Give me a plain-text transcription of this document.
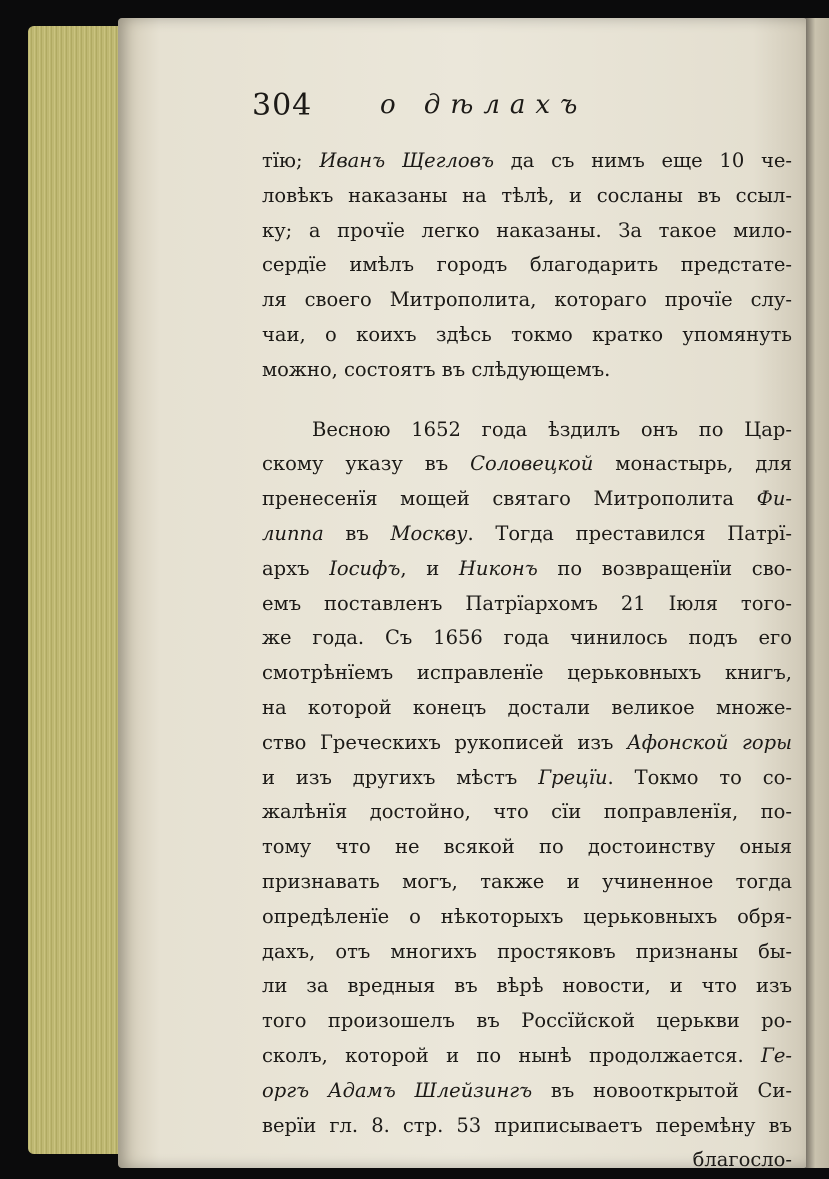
304	о дѣлахъ
тїю; Иванъ Щегловъ да съ нимъ еще 10 че-
ловѣкъ наказаны на тѣлѣ, и сосланы въ ссыл-
ку; а прочїе легко наказаны. За такое мило-
сердїе имѣлъ городъ благодарить предстате-
ля своего Митрополита, котораго прочїе слу-
чаи, о коихъ здѣсь токмо кратко упомянуть
можно, состоятъ въ слѣдующемъ.
Весною 1652 года ѣздилъ онъ по Цар-
скому указу въ Соловецкой монастырь, для
пренесенїя мощей святаго Митрополита Фи-
липпа въ Москву. Тогда преставился Патрї-
архъ Іосифъ, и Никонъ по возвращенїи сво-
емъ поставленъ Патрїархомъ 21 Іюля тогo-
же года. Съ 1656 года чинилось подъ его
смотрѣнїемъ исправленїе церьковныхъ книгъ,
на которой конецъ достали великое множе-
ство Греческихъ рукописей изъ Афонской горы
и изъ другихъ мѣстъ Грецїи. Токмо то со-
жалѣнїя достойно, что сїи поправленїя, по-
тому что не всякой по достоинству оныя
признавать могъ, также и учиненное тогда
опредѣленїе о нѣкоторыхъ церьковныхъ обря-
дахъ, отъ многихъ простяковъ признаны бы-
ли за вредныя въ вѣрѣ новости, и что изъ
того произошелъ въ Россїйской церькви ро-
сколъ, которой и по нынѣ продолжается. Ге-
оргъ Адамъ Шлейзингъ въ новооткрытой Си-
верїи гл. 8. стр. 53 приписываетъ перемѣну въ
благосло-
